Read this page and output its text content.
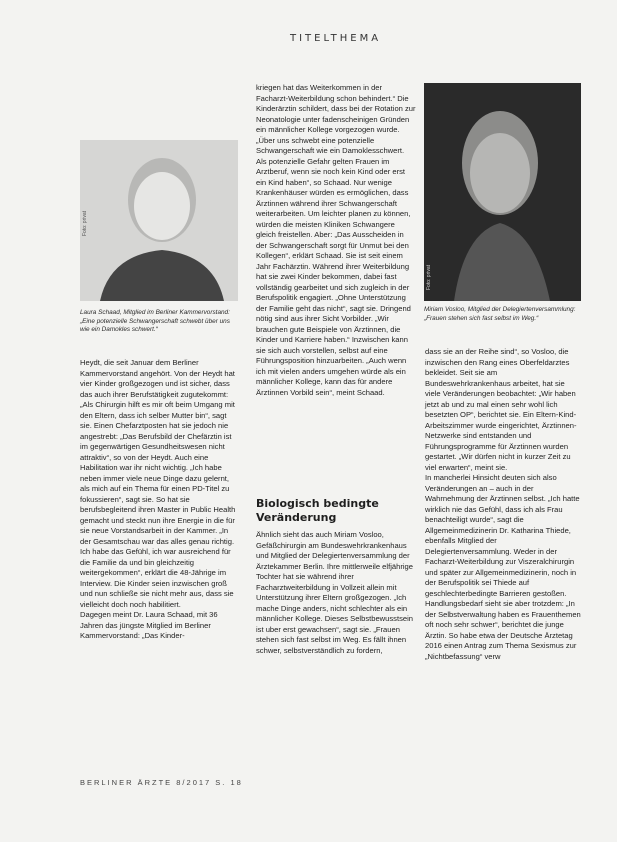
TITELTHEMA
Foto: privat
Laura Schaad, Mitglied im Berliner Kammervorstand: „Eine potenzielle Schwangerschaft schwebt über uns wie ein Damokles schwert.“
Foto: privat
Miriam Vosloo, Mitglied der Delegiertenversammlung: „Frauen stehen sich fast selbst im Weg.“

Heydt, die seit Januar dem Berliner Kammervorstand angehört. Von der Heydt hat vier Kinder großgezogen und ist sicher, dass das auch ihrer Berufstätigkeit zugutekommt: „Als Chirurgin hilft es mir oft beim Umgang mit den Eltern, dass ich selber Mutter bin“, sagt sie. Einen Chefarztposten hat sie jedoch nie angestrebt: „Das Berufsbild der Chefärztin ist im gegenwärtigen Gesundheitswesen nicht attraktiv“, so von der Heydt. Auch eine Habilitation war ihr nicht wichtig. „Ich habe neben immer viele neue Dinge dazu gelernt, als mich auf ein Thema für einen PD-Titel zu fokussieren“, sagt sie. So hat sie berufsbegleitend ihren Master in Public Health gemacht und steckt nun ihre Energie in die für sie neue Vorstandsarbeit in der Kammer. „In der Gesamtschau war das alles genau richtig. Ich habe das Gefühl, ich war ausreichend für die Familie da und bin gleichzeitig weitergekommen“, erklärt die 48-Jährige im Interview. Die Kinder seien inzwischen groß und nun schließe sie nicht mehr aus, dass sie vielleicht doch noch habilitiert.
Dagegen meint Dr. Laura Schaad, mit 36 Jahren das jüngste Mitglied im Berliner Kammervorstand: „Das Kinder-

kriegen hat das Weiterkommen in der Facharzt-Weiterbildung schon behindert.“ Die Kinderärztin schildert, dass bei der Rotation zur Neonatologie unter fadenscheinigen Gründen ein männlicher Kollege vorgezogen wurde. „Über uns schwebt eine potenzielle Schwangerschaft wie ein Damoklesschwert. Als potenzielle Gefahr gelten Frauen im Arztberuf, wenn sie noch kein Kind oder erst ein Kind haben“, so Schaad. Nur wenige Krankenhäuser würden es ermöglichen, dass Ärztinnen während ihrer Schwangerschaft weiterarbeiten. Um leichter planen zu können, würden die meisten Kliniken Schwangere gleich freistellen. Aber: „Das Ausscheiden in der Schwangerschaft sorgt für Unmut bei den Kollegen“, erklärt Schaad. Sie ist seit einem Jahr Fachärztin. Während ihrer Weiterbildung hat sie zwei Kinder bekommen, dabei fast vollständig gearbeitet und sich zugleich in der Berufspolitik engagiert. „Ohne Unterstützung der Familie geht das nicht“, sagt sie. Dringend nötig sind aus ihrer Sicht Vorbilder. „Wir brauchen gute Beispiele von Ärztinnen, die Kinder und Karriere haben.“ Inzwischen kann sie sich auch vorstellen, selbst auf eine Führungsposition hinzuarbeiten. „Auch wenn ich mit vielen anders umgehen würde als ein männlicher Kollege, kann das für andere Ärztinnen Vorbild sein“, meint Schaad.

Biologisch bedingte Veränderung

Ähnlich sieht das auch Miriam Vosloo, Gefäßchirurgin am Bundeswehrkrankenhaus und Mitglied der Delegiertenversammlung der Ärztekammer Berlin. Ihre mittlerweile elfjährige Tochter hat sie während ihrer Facharztweiterbildung in Vollzeit allein mit Unterstützung ihrer Eltern großgezogen. „Ich mache Dinge anders, nicht schlechter als ein männlicher Kollege. Dieses Selbstbewusstsein ist uber erst gewachsen“, sagt sie. „Frauen stehen sich fast selbst im Weg. Es fällt ihnen schwer, selbstverständlich zu fordern,

dass sie an der Reihe sind“, so Vosloo, die inzwischen den Rang eines Oberfeldarztes bekleidet. Seit sie am Bundeswehrkrankenhaus arbeitet, hat sie viele Veränderungen beobachtet: „Wir haben jetzt ab und zu mal einen sehr wohl lich besetzten OP“, berichtet sie. Ein Eltern-Kind-Arbeitszimmer wurde eingerichtet, Ärztinnen-Netzwerke sind entstanden und Führungsprogramme für Ärztinnen wurden gestartet. „Wir dürfen nicht in kurzer Zeit zu viel erwarten“, meint sie.
In mancherlei Hinsicht deuten sich also Veränderungen an – auch in der Wahrnehmung der Ärztinnen selbst. „Ich hatte wirklich nie das Gefühl, dass ich als Frau benachteiligt wurde“, sagt die Allgemeinmedizinerin Dr. Katharina Thiede, ebenfalls Mitglied der Delegiertenversammlung. Weder in der Facharzt-Weiterbildung zur Viszeralchirurgin und später zur Allgemeinmedizinerin, noch in der Berufspolitik sei Thiede auf geschlechterbedingte Barrieren gestoßen. Handlungsbedarf sieht sie aber trotzdem: „In der Selbstverwaltung haben es Frauenthemen oft noch sehr schwer“, berichtet die junge Ärztin. So habe etwa der Deutsche Ärztetag 2016 einen Antrag zum Thema Sexismus zur „Nichtbefassung“ verw

BERLINER ÄRZTE 8/2017 S. 18
